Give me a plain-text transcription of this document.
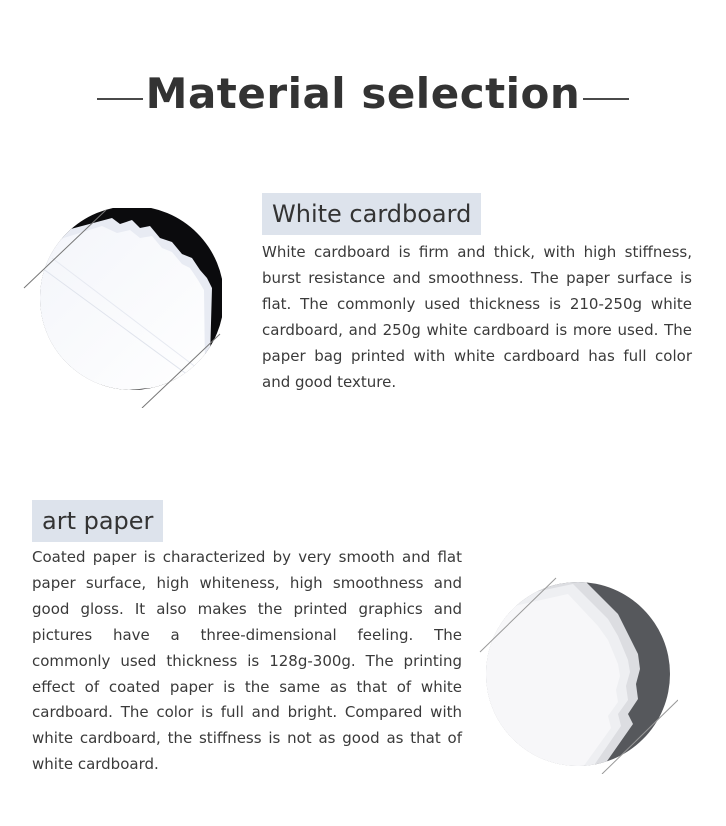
Material selection
White cardboard
White cardboard is firm and thick, with high stiffness, burst resistance and smoothness. The paper surface is flat. The commonly used thickness is 210-250g white cardboard, and 250g white cardboard is more used. The paper bag printed with white cardboard has full color and good texture.
art paper
Coated paper is characterized by very smooth and flat paper surface, high whiteness, high smoothness and good gloss. It also makes the printed graphics and pictures have a three-dimensional feeling. The commonly used thickness is 128g-300g. The printing effect of coated paper is the same as that of white cardboard. The color is full and bright. Compared with white cardboard, the stiffness is not as good as that of white cardboard.
